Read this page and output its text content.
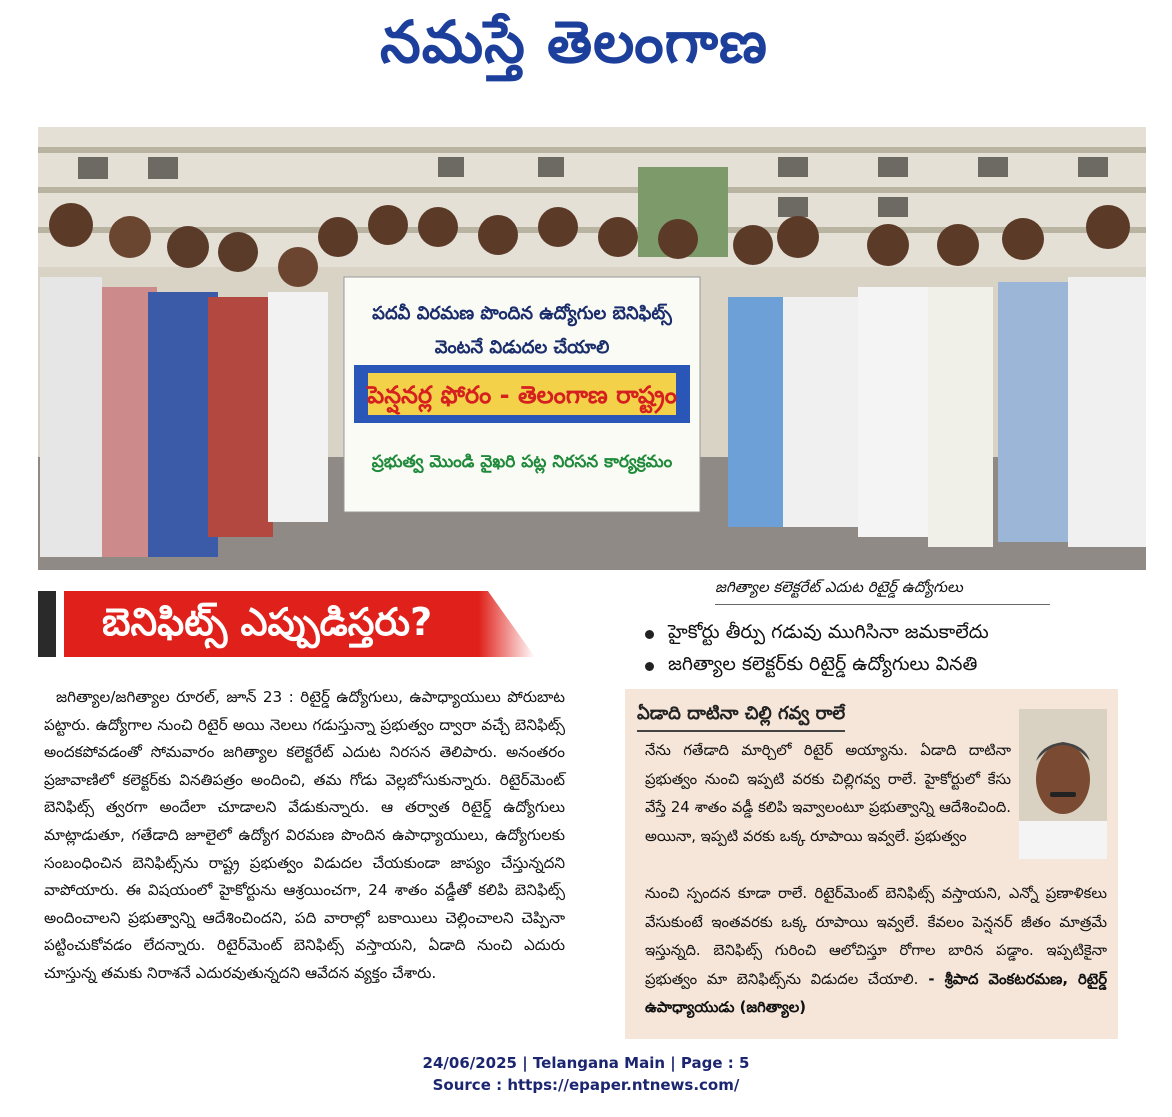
నమస్తే తెలంగాణ
పదవీ విరమణ పొందిన ఉద్యోగుల బెనిఫిట్స్
వెంటనే విడుదల చేయాలి
పెన్షనర్ల ఫోరం - తెలంగాణ రాష్ట్రం
ప్రభుత్వ మొండి వైఖరి పట్ల నిరసన కార్యక్రమం
జగిత్యాల కలెక్టరేట్ ఎదుట రిటైర్డ్ ఉద్యోగులు
బెనిఫిట్స్ ఎప్పుడిస్తరు?	హైకోర్టు తీర్పు గడువు ముగిసినా జమకాలేదు
జగిత్యాల కలెక్టర్‌కు రిటైర్డ్ ఉద్యోగులు వినతి
జగిత్యాల/జగిత్యాల రూరల్, జూన్ 23 : రిటైర్డ్ ఉద్యోగులు, ఉపాధ్యాయులు పోరుబాట పట్టారు. ఉద్యోగాల నుంచి రిటైర్ అయి నెలలు గడుస్తున్నా ప్రభుత్వం ద్వారా వచ్చే బెనిఫిట్స్ అందకపోవడంతో సోమవారం జగిత్యాల కలెక్టరేట్ ఎదుట నిరసన తెలిపారు. అనంతరం ప్రజావాణిలో కలెక్టర్‌కు వినతిపత్రం అందించి, తమ గోడు వెల్లబోసుకున్నారు. రిటైర్‌మెంట్ బెనిఫిట్స్ త్వరగా అందేలా చూడాలని వేడుకున్నారు. ఆ తర్వాత రిటైర్డ్ ఉద్యోగులు మాట్లాడుతూ, గతేడాది జూలైలో ఉద్యోగ విరమణ పొందిన ఉపాధ్యాయులు, ఉద్యోగులకు సంబంధించిన బెనిఫిట్స్‌ను రాష్ట్ర ప్రభుత్వం విడుదల చేయకుండా జాప్యం చేస్తున్నదని వాపోయారు. ఈ విషయంలో హైకోర్టును ఆశ్రయించగా, 24 శాతం వడ్డీతో కలిపి బెనిఫిట్స్ అందించాలని ప్రభుత్వాన్ని ఆదేశించిందని, పది వారాల్లో బకాయిలు చెల్లించాలని చెప్పినా పట్టించుకోవడం లేదన్నారు. రిటైర్‌మెంట్ బెనిఫిట్స్ వస్తాయని, ఏడాది నుంచి ఎదురు చూస్తున్న తమకు నిరాశనే ఎదురవుతున్నదని ఆవేదన వ్యక్తం చేశారు.
ఏడాది దాటినా చిల్లి గవ్వ రాలే
నేను గతేడాది మార్చిలో రిటైర్ అయ్యాను. ఏడాది దాటినా ప్రభుత్వం నుంచి ఇప్పటి వరకు చిల్లిగవ్వ రాలే. హైకోర్టులో కేసు వేస్తే 24 శాతం వడ్డీ కలిపి ఇవ్వాలంటూ ప్రభుత్వాన్ని ఆదేశించింది. అయినా, ఇప్పటి వరకు ఒక్క రూపాయి ఇవ్వలే. ప్రభుత్వం
నుంచి స్పందన కూడా రాలే. రిటైర్‌మెంట్ బెనిఫిట్స్ వస్తాయని, ఎన్నో ప్రణాళికలు వేసుకుంటే ఇంతవరకు ఒక్క రూపాయి ఇవ్వలే. కేవలం పెన్షనర్ జీతం మాత్రమే ఇస్తున్నది. బెనిఫిట్స్ గురించి ఆలోచిస్తూ రోగాల బారిన పడ్డాం. ఇప్పటికైనా ప్రభుత్వం మా బెనిఫిట్స్‌ను విడుదల చేయాలి. - శ్రీపాద వెంకటరమణ, రిటైర్డ్ ఉపాధ్యాయుడు (జగిత్యాల)
24/06/2025 | Telangana Main | Page : 5
Source : https://epaper.ntnews.com/
